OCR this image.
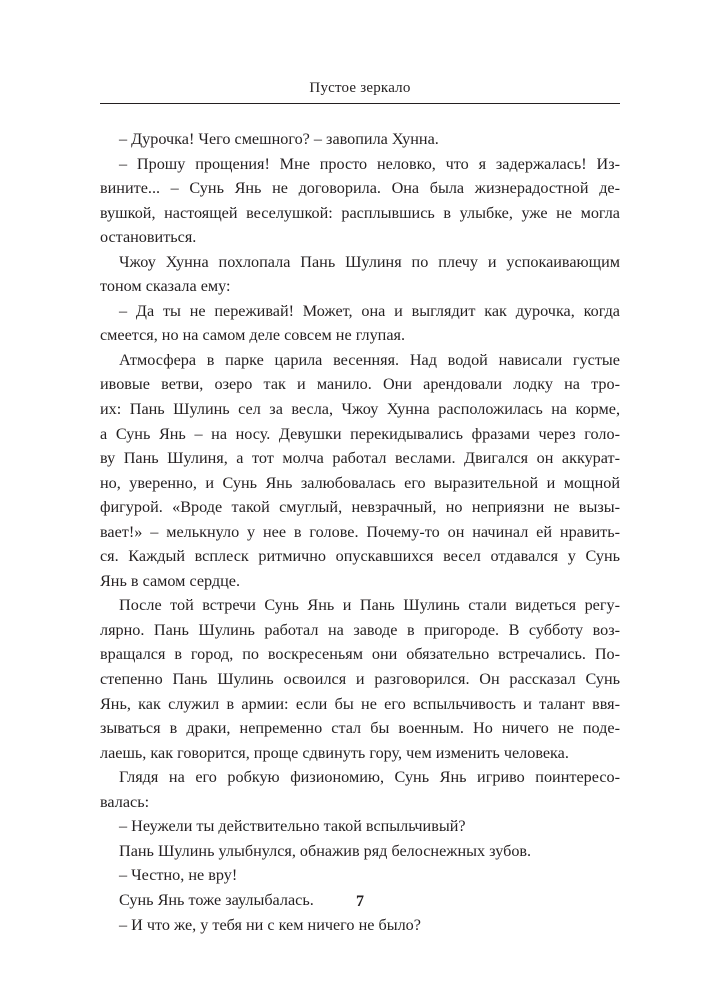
Пустое зеркало

– Дурочка! Чего смешного? – завопила Хунна.

– Прошу прощения! Мне просто неловко, что я задержалась! Из-

вините... – Сунь Янь не договорила. Она была жизнерадостной де-

вушкой, настоящей веселушкой: расплывшись в улыбке, уже не могла

остановиться.

Чжоу Хунна похлопала Пань Шулиня по плечу и успокаивающим

тоном сказала ему:

– Да ты не переживай! Может, она и выглядит как дурочка, когда

смеется, но на самом деле совсем не глупая.

Атмосфера в парке царила весенняя. Над водой нависали густые

ивовые ветви, озеро так и манило. Они арендовали лодку на тро-

их: Пань Шулинь сел за весла, Чжоу Хунна расположилась на корме,

а Сунь Янь – на носу. Девушки перекидывались фразами через голо-

ву Пань Шулиня, а тот молча работал веслами. Двигался он аккурат-

но, уверенно, и Сунь Янь залюбовалась его выразительной и мощной

фигурой. «Вроде такой смуглый, невзрачный, но неприязни не вызы-

вает!» – мелькнуло у нее в голове. Почему-то он начинал ей нравить-

ся. Каждый всплеск ритмично опускавшихся весел отдавался у Сунь

Янь в самом сердце.

После той встречи Сунь Янь и Пань Шулинь стали видеться регу-

лярно. Пань Шулинь работал на заводе в пригороде. В субботу воз-

вращался в город, по воскресеньям они обязательно встречались. По-

степенно Пань Шулинь освоился и разговорился. Он рассказал Сунь

Янь, как служил в армии: если бы не его вспыльчивость и талант ввя-

зываться в драки, непременно стал бы военным. Но ничего не поде-

лаешь, как говорится, проще сдвинуть гору, чем изменить человека.

Глядя на его робкую физиономию, Сунь Янь игриво поинтересо-

валась:

– Неужели ты действительно такой вспыльчивый?

Пань Шулинь улыбнулся, обнажив ряд белоснежных зубов.

– Честно, не вру!

Сунь Янь тоже заулыбалась.

– И что же, у тебя ни с кем ничего не было?

7
